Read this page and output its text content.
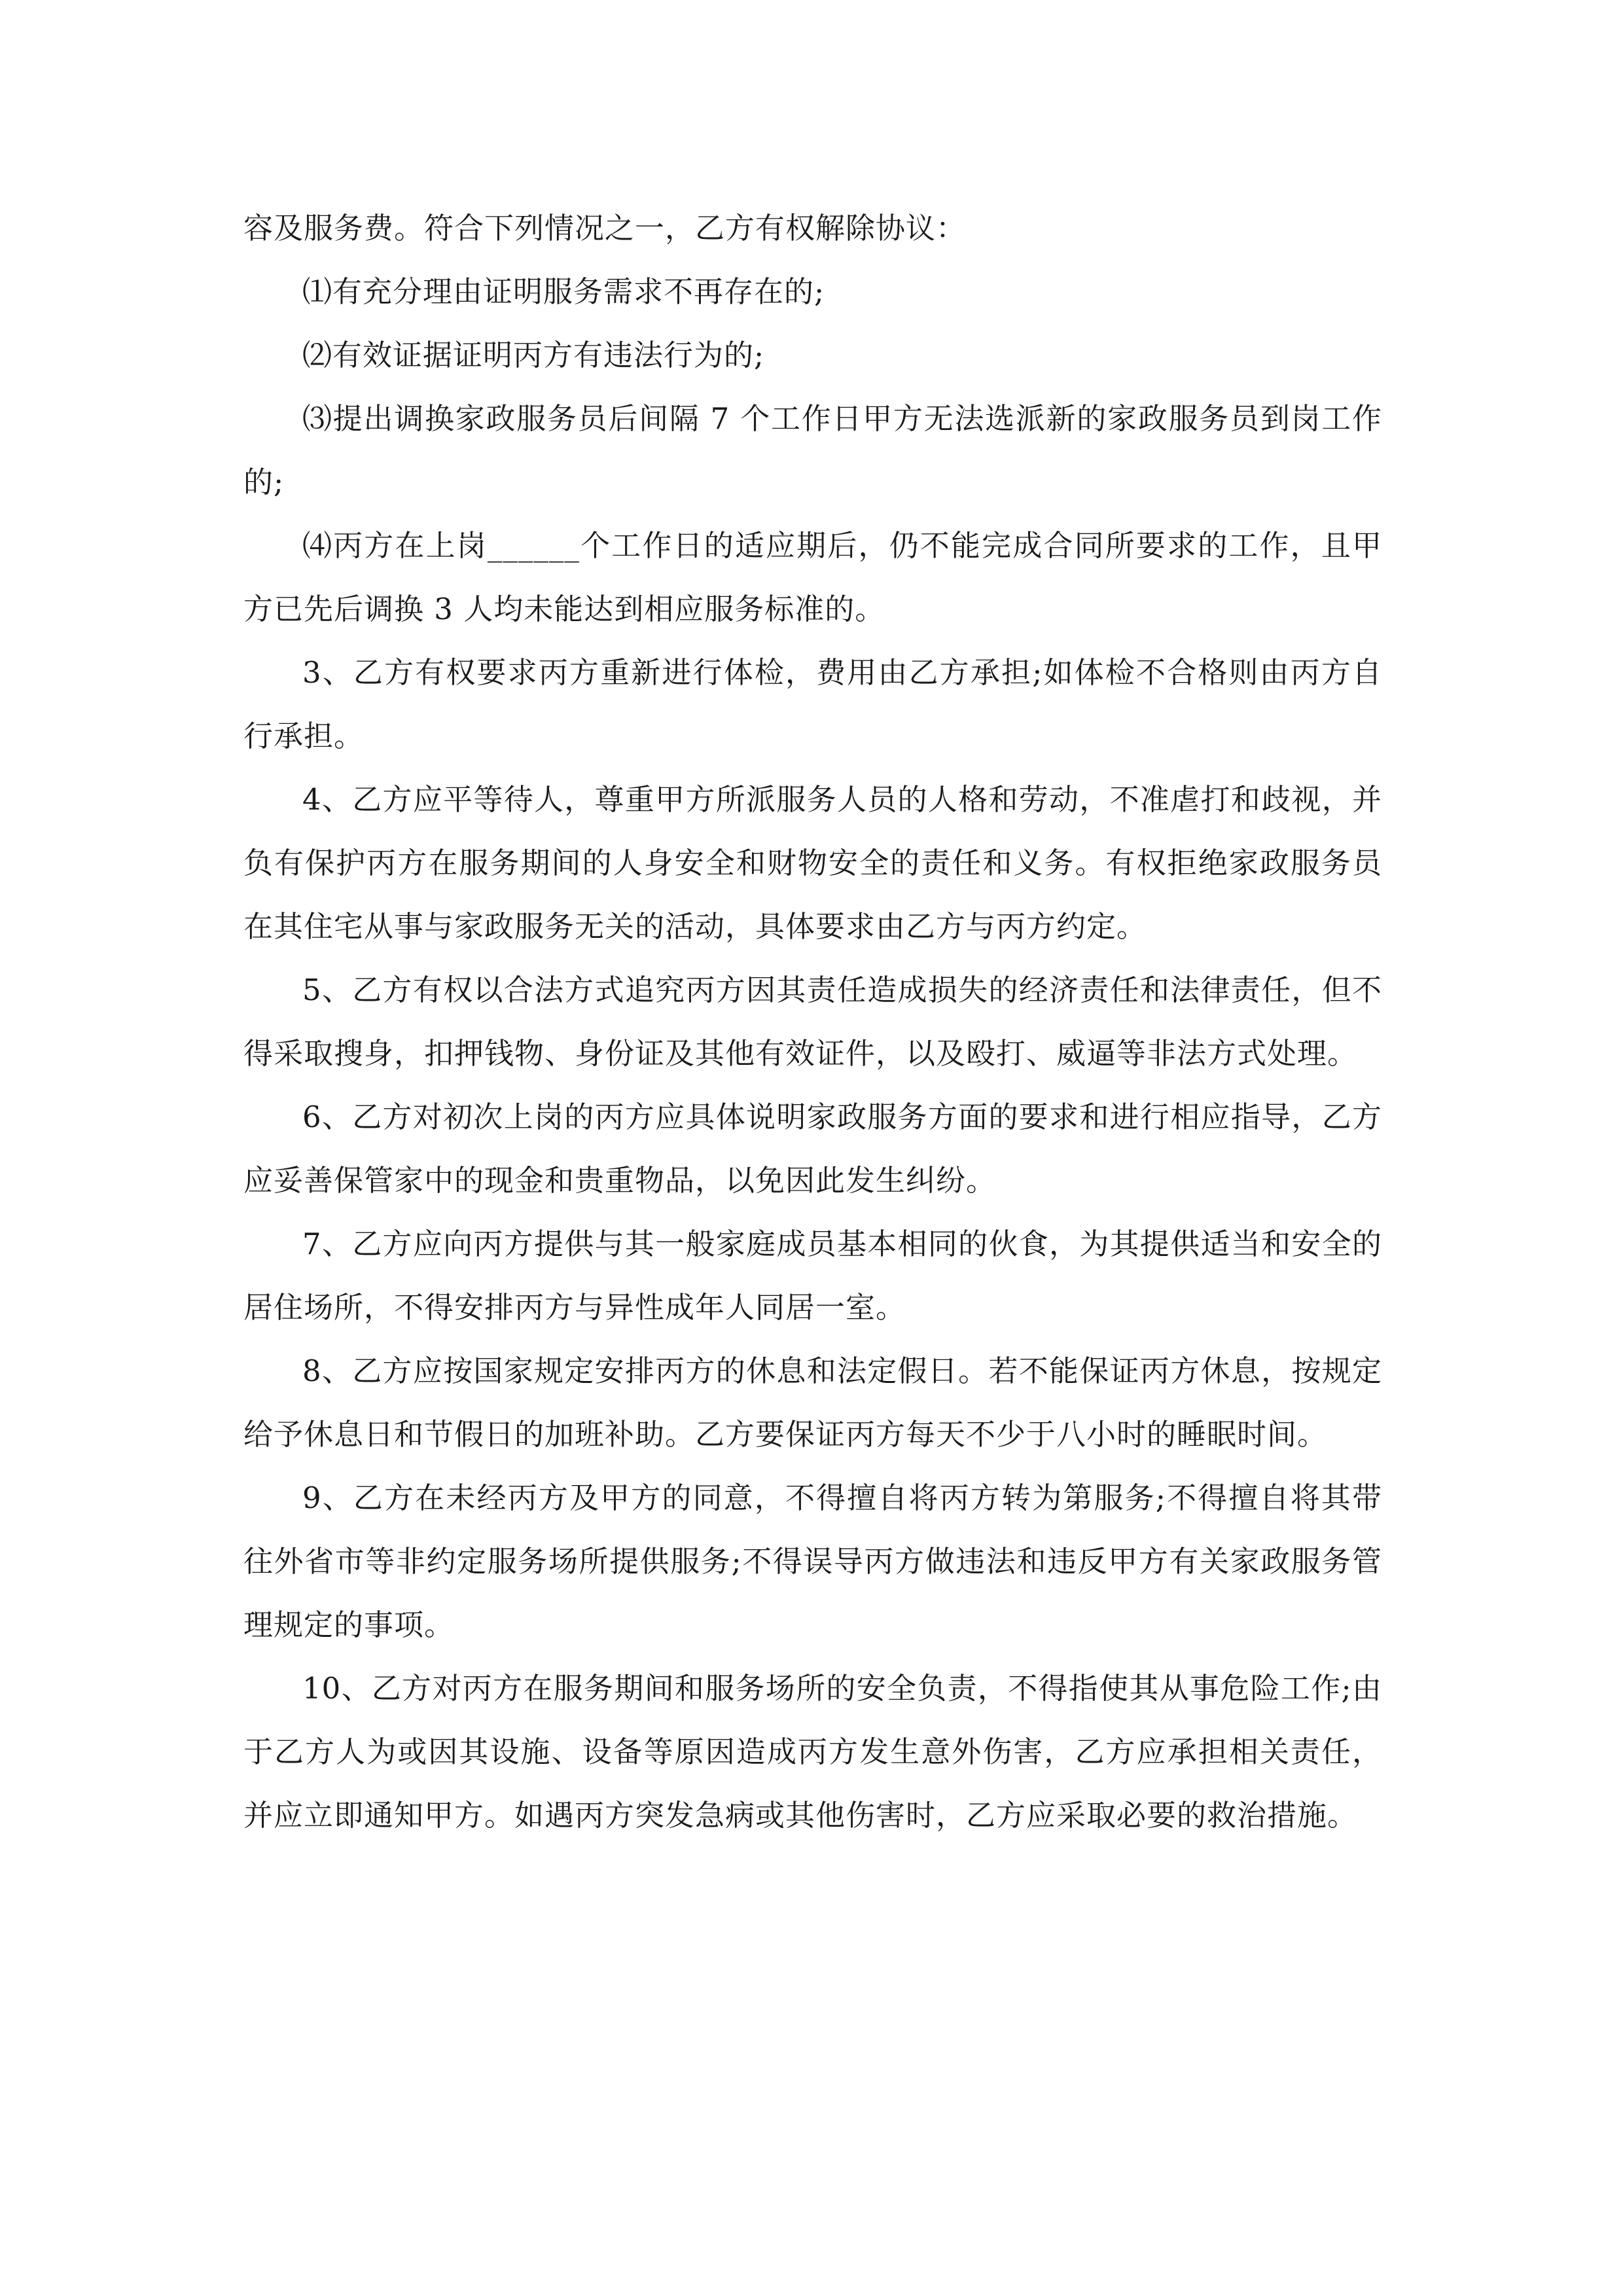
容及服务费。符合下列情况之一，乙方有权解除协议：

⑴有充分理由证明服务需求不再存在的;

⑵有效证据证明丙方有违法行为的;

⑶提出调换家政服务员后间隔 7 个工作日甲方无法选派新的家政服务员到岗工作的;

⑷丙方在上岗______个工作日的适应期后，仍不能完成合同所要求的工作，且甲方已先后调换 3 人均未能达到相应服务标准的。

3、乙方有权要求丙方重新进行体检，费用由乙方承担;如体检不合格则由丙方自行承担。

4、乙方应平等待人，尊重甲方所派服务人员的人格和劳动，不准虐打和歧视，并负有保护丙方在服务期间的人身安全和财物安全的责任和义务。有权拒绝家政服务员在其住宅从事与家政服务无关的活动，具体要求由乙方与丙方约定。

5、乙方有权以合法方式追究丙方因其责任造成损失的经济责任和法律责任，但不得采取搜身，扣押钱物、身份证及其他有效证件，以及殴打、威逼等非法方式处理。

6、乙方对初次上岗的丙方应具体说明家政服务方面的要求和进行相应指导，乙方应妥善保管家中的现金和贵重物品，以免因此发生纠纷。

7、乙方应向丙方提供与其一般家庭成员基本相同的伙食，为其提供适当和安全的居住场所，不得安排丙方与异性成年人同居一室。

8、乙方应按国家规定安排丙方的休息和法定假日。若不能保证丙方休息，按规定给予休息日和节假日的加班补助。乙方要保证丙方每天不少于八小时的睡眠时间。

9、乙方在未经丙方及甲方的同意，不得擅自将丙方转为第服务;不得擅自将其带往外省市等非约定服务场所提供服务;不得误导丙方做违法和违反甲方有关家政服务管理规定的事项。

10、乙方对丙方在服务期间和服务场所的安全负责，不得指使其从事危险工作;由于乙方人为或因其设施、设备等原因造成丙方发生意外伤害，乙方应承担相关责任，并应立即通知甲方。如遇丙方突发急病或其他伤害时，乙方应采取必要的救治措施。
